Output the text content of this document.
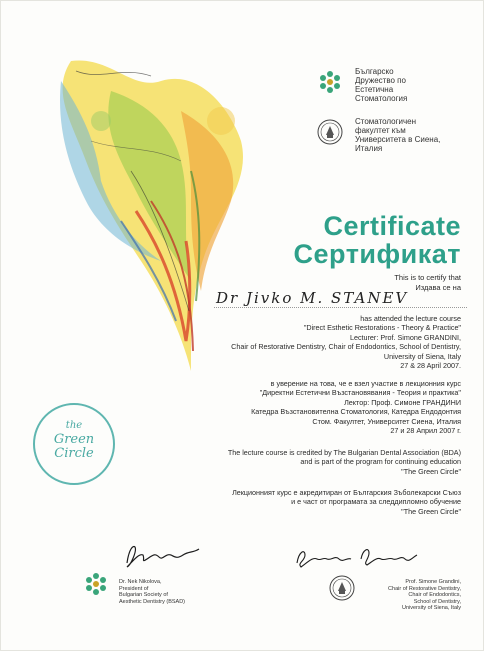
Българско
Дружество по
Естетична
Стоматология
Стоматологичен
факултет към
Университета в Сиена,
Италия
Certificate
Сертификат
This is to certify that
Издава се на
Dr Jivko M. STANEV
has attended the lecture course
"Direct Esthetic Restorations - Theory & Practice"
Lecturer: Prof. Simone GRANDINI,
Chair of Restorative Dentistry, Chair of Endodontics, School of Dentistry,
University of Siena, Italy
27 & 28 April 2007.
в уверение на това, че е взел участие в лекционния курс
"Директни Естетични Възстановявания - Теория и практика"
Лектор: Проф. Симоне ГРАНДИНИ
Катедра Възстановителна Стоматология, Катедра Ендодонтия
Стом. Факултет, Университет Сиена, Италия
27 и 28 Април 2007 г.
the
Green
Circle	The lecture course is credited by The Bulgarian Dental Association (BDA)
and is part of the program for continuing education
"The Green Circle"
Лекционният курс е акредитиран от Българския Зъболекарски Съюз
и е част от програмата за следдипломно обучение
"The Green Circle"
Dr. Nek Nikolova,
President of
Bulgarian Society of
Aesthetic Dentistry (BSAD)
Prof. Simone Grandini,
Chair of Restorative Dentistry,
Chair of Endodontics,
School of Dentistry,
University of Siena, Italy
